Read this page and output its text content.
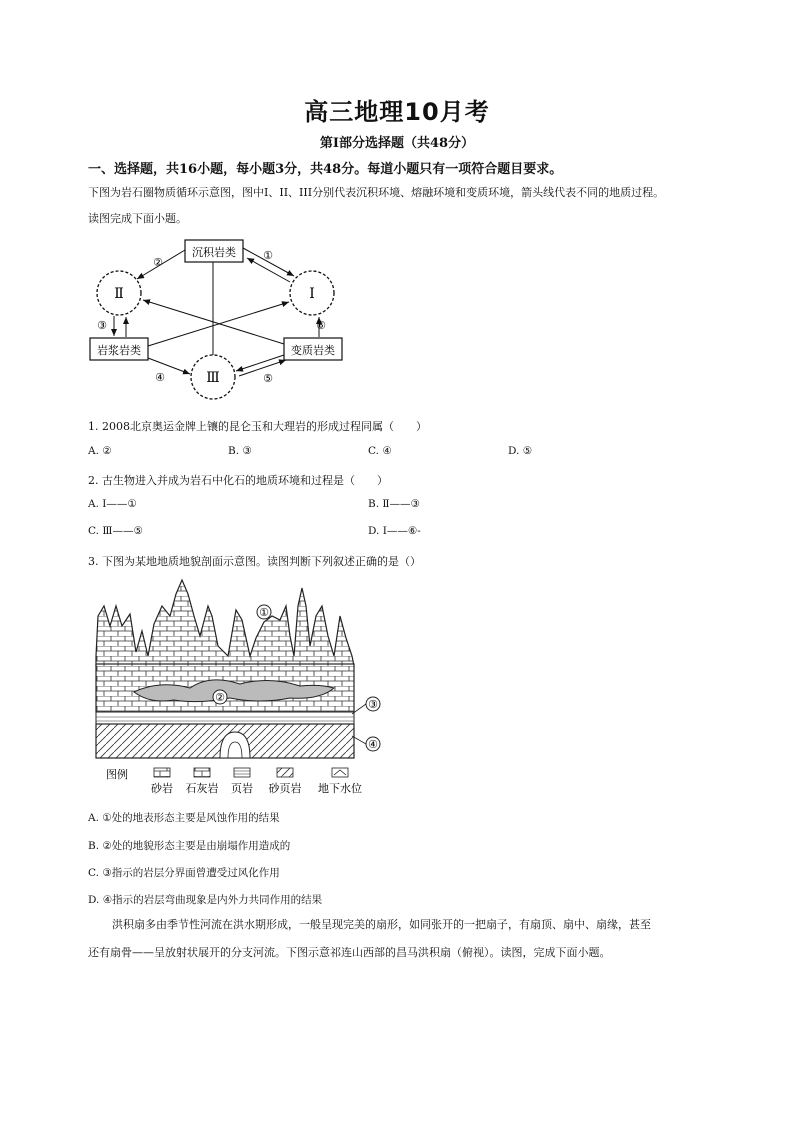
高三地理10月考
第Ⅰ部分选择题（共48分）
一、选择题，共16小题，每小题3分，共48分。每道小题只有一项符合题目要求。
下图为岩石圈物质循环示意图，图中I、II、III分别代表沉积环境、熔融环境和变质环境，箭头线代表不同的地质过程。
读图完成下面小题。
沉积岩类
岩浆岩类	变质岩类
Ⅱ	I
Ⅲ
②
①
③	⑥
④	⑤
1. 2008北京奥运金牌上镶的昆仑玉和大理岩的形成过程同属（　　）
A. ②	B. ③	C. ④	D. ⑤
2. 古生物进入并成为岩石中化石的地质环境和过程是（　　）
A. I——①	B. Ⅱ——③
C. Ⅲ——⑤	D. I——⑥-
3. 下图为某地地质地貌剖面示意图。读图判断下列叙述正确的是（）
①
②
③
④
图例
砂岩 石灰岩 页岩 砂页岩 地下水位
A. ①处的地表形态主要是风蚀作用的结果
B. ②处的地貌形态主要是由崩塌作用造成的
C. ③指示的岩层分界面曾遭受过风化作用
D. ④指示的岩层弯曲现象是内外力共同作用的结果
洪积扇多由季节性河流在洪水期形成，一般呈现完美的扇形，如同张开的一把扇子，有扇顶、扇中、扇缘，甚至
还有扇骨——呈放射状展开的分支河流。下图示意祁连山西部的昌马洪积扇（俯视）。读图，完成下面小题。
